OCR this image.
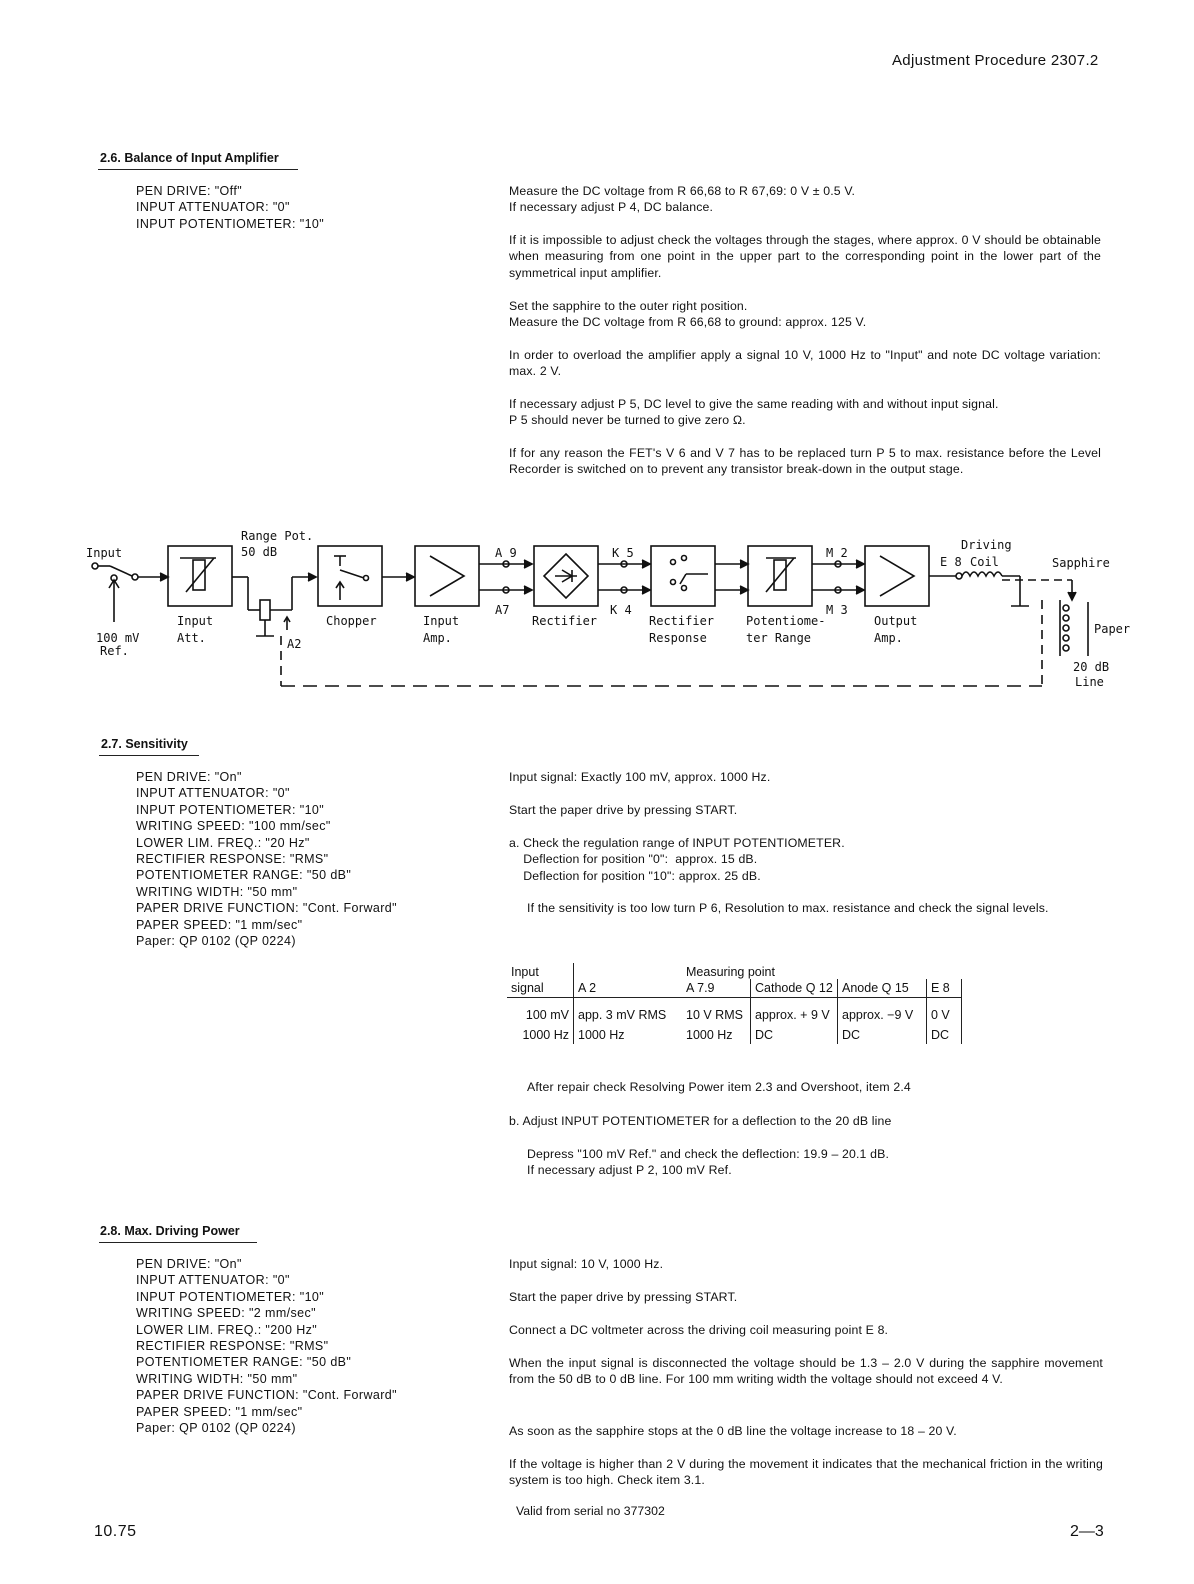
Adjustment Procedure 2307.2
2.6. Balance of Input Amplifier
PEN DRIVE: "Off"
INPUT ATTENUATOR: "0"
INPUT POTENTIOMETER: "10"
Measure the DC voltage from R 66,68 to R 67,69: 0 V ± 0.5 V.
If necessary adjust P 4, DC balance.
If it is impossible to adjust check the voltages through the stages, where approx. 0 V should be obtainable when measuring from one point in the upper part to the corresponding point in the lower part of the symmetrical input amplifier.
Set the sapphire to the outer right position.
Measure the DC voltage from R 66,68 to ground: approx. 125 V.
In order to overload the amplifier apply a signal 10 V, 1000 Hz to "Input" and note DC voltage variation: max. 2 V.
If necessary adjust P 5, DC level to give the same reading with and without input signal.
P 5 should never be turned to give zero Ω.
If for any reason the FET's V 6 and V 7 has to be replaced turn P 5 to max. resistance before the Level Recorder is switched on to prevent any transistor break-down in the output stage.
Input
100 mV
Ref.
Range Pot.
50 dB
Input
Att.	A2
Chopper	Input
Amp.
A 9
A7
Rectifier
K 5
K 4
Rectifier
Response
M 2
M 3
Potentiome-
ter Range
Output
Amp.
Driving
Coil
E 8	Sapphire
Paper
20 dB
Line
2.7. Sensitivity
PEN DRIVE: "On"
INPUT ATTENUATOR: "0"
INPUT POTENTIOMETER: "10"
WRITING SPEED: "100 mm/sec"
LOWER LIM. FREQ.: "20 Hz"
RECTIFIER RESPONSE: "RMS"
POTENTIOMETER RANGE: "50 dB"
WRITING WIDTH: "50 mm"
PAPER DRIVE FUNCTION: "Cont. Forward"
PAPER SPEED: "1 mm/sec"
Paper: QP 0102 (QP 0224)
Input signal: Exactly 100 mV, approx. 1000 Hz.
Start the paper drive by pressing START.
a. Check the regulation range of INPUT POTENTIOMETER.
Deflection for position "0":  approx. 15 dB.
Deflection for position "10": approx. 25 dB.
If the sensitivity is too low turn P 6, Resolution to max. resistance and check the signal levels.
Input		Measuring point			
signal	A 2	A 7.9	Cathode Q 12	Anode Q 15	E 8
100 mV	app. 3 mV RMS	10 V RMS	approx. + 9 V	approx. −9 V	0 V
1000 Hz	1000 Hz	1000 Hz	DC	DC	DC
After repair check Resolving Power item 2.3 and Overshoot, item 2.4
b. Adjust INPUT POTENTIOMETER for a deflection to the 20 dB line
Depress "100 mV Ref." and check the deflection: 19.9 – 20.1 dB.
If necessary adjust P 2, 100 mV Ref.
2.8. Max. Driving Power
PEN DRIVE: "On"
INPUT ATTENUATOR: "0"
INPUT POTENTIOMETER: "10"
WRITING SPEED: "2 mm/sec"
LOWER LIM. FREQ.: "200 Hz"
RECTIFIER RESPONSE: "RMS"
POTENTIOMETER RANGE: "50 dB"
WRITING WIDTH: "50 mm"
PAPER DRIVE FUNCTION: "Cont. Forward"
PAPER SPEED: "1 mm/sec"
Paper: QP 0102 (QP 0224)
Input signal: 10 V, 1000 Hz.
Start the paper drive by pressing START.
Connect a DC voltmeter across the driving coil measuring point E 8.
When the input signal is disconnected the voltage should be 1.3 – 2.0 V during the sapphire movement from the 50 dB to 0 dB line. For 100 mm writing width the voltage should not exceed 4 V.
As soon as the sapphire stops at the 0 dB line the voltage increase to 18 – 20 V.
If the voltage is higher than 2 V during the movement it indicates that the mechanical friction in the writing system is too high. Check item 3.1.
Valid from serial no 377302
10.75	2—3
